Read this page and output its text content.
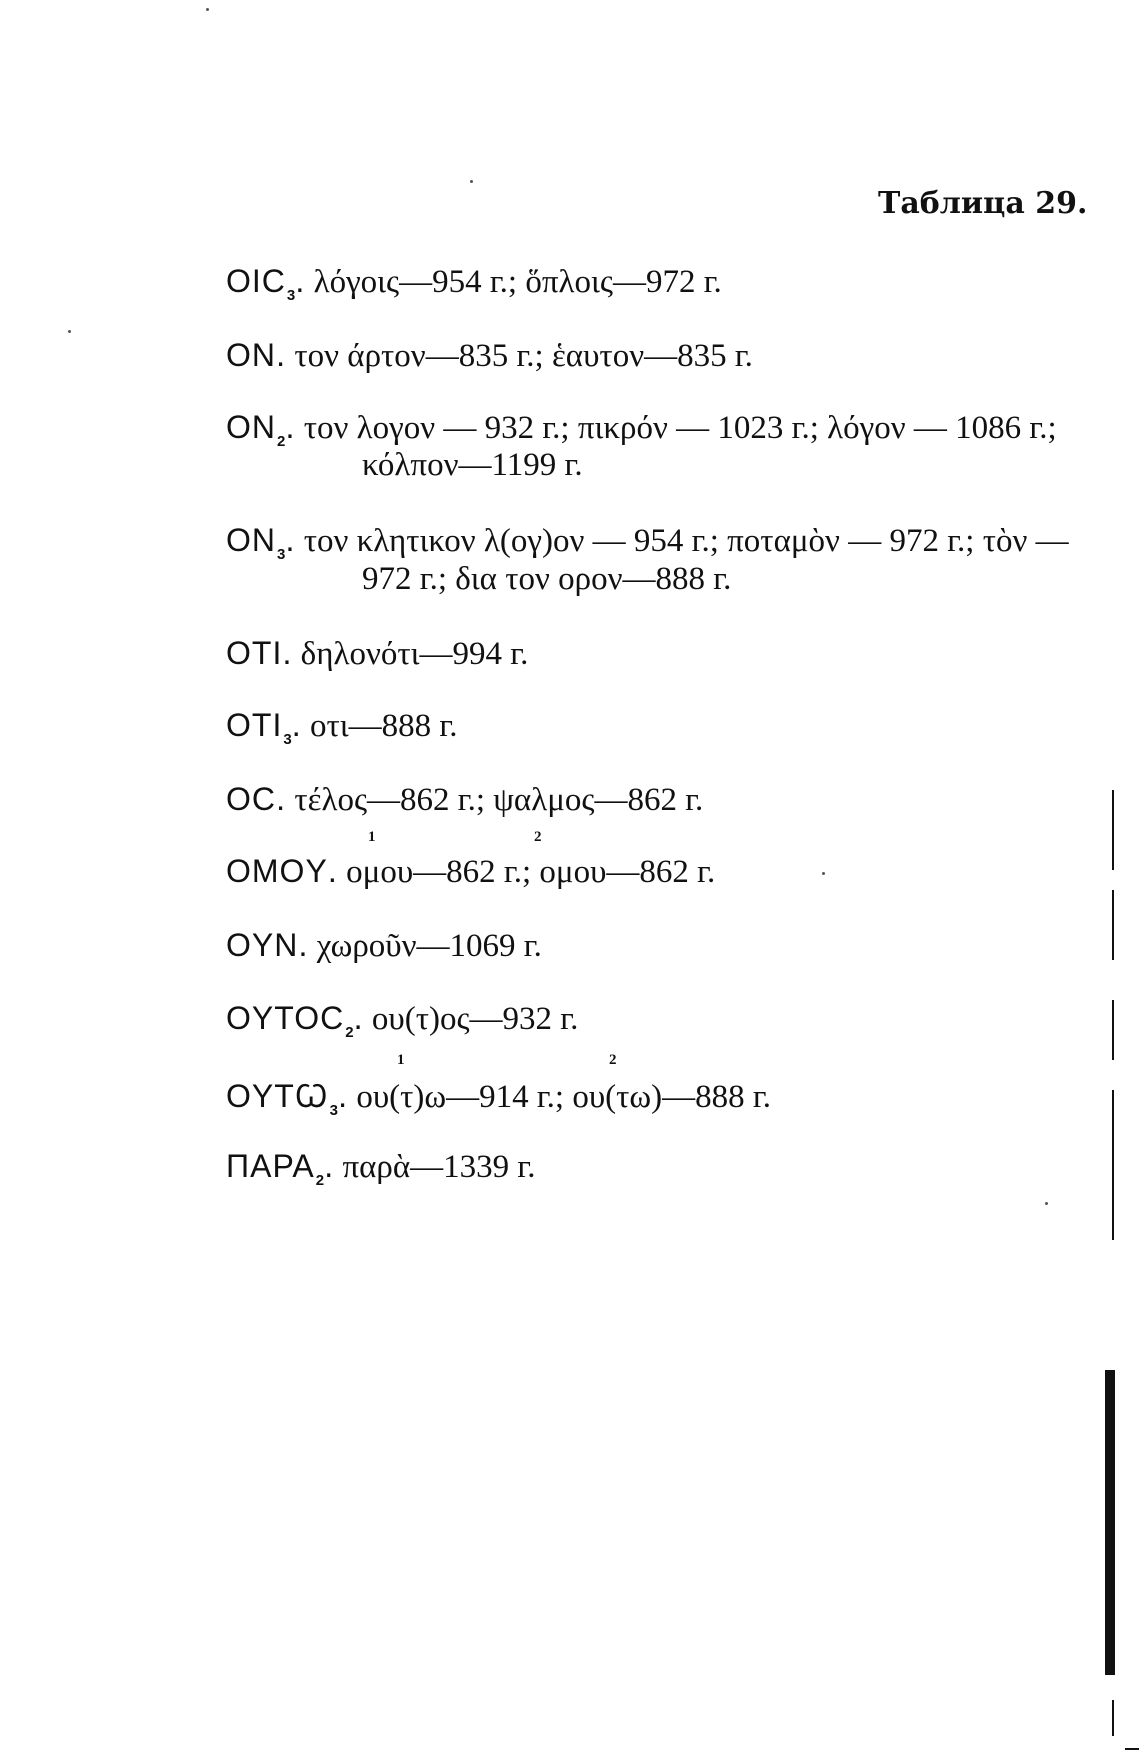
Таблица 29.
$OIC_3$. λόγοις—954 г.; ὅπλοις—972 г.
ON. τον άρτον—835 г.; ἑαυτον—835 г.
$ON_2$. τον λογον — 932 г.; πικρόν — 1023 г.; λόγον — 1086 г.;
κόλπον—1199 г.
$ON_3$. τον κλητικον λ(ογ)ον — 954 г.; ποταμὸν — 972 г.; τὸν —
972 г.; δια τον ορον—888 г.
OTI. δηλονότι—994 г.
$OTI_3$. οτι—888 г.
OC. τέλος—862 г.; ψαλμος—862 г.
1	2
OMOY. ομου—862 г.; ομου—862 г.
OYN. χωροῦν—1069 г.
$OYTOC_2$. ου(τ)ος—932 г.
1	2
OYTꞶ$_3$. ου(τ)ω—914 г.; ου(τω)—888 г.
$\Pi APA_2$. παρὰ—1339 г.
